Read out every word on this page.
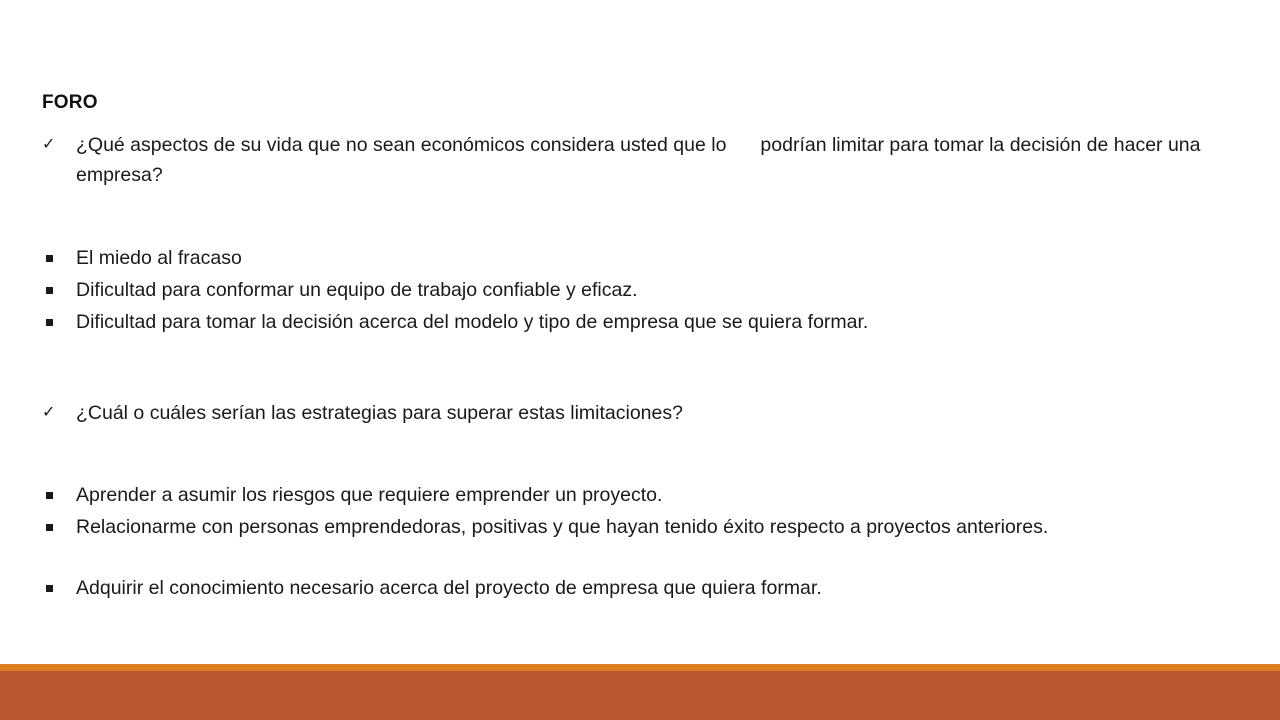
FORO
✓ ¿Qué aspectos de su vida que no sean económicos considera usted que lo podrían limitar para tomar la decisión de hacer una empresa?
El miedo al fracaso
Dificultad para conformar un equipo de trabajo confiable y eficaz.
Dificultad para tomar la decisión acerca del modelo y tipo de empresa que se quiera formar.
✓ ¿Cuál o cuáles serían las estrategias para superar estas limitaciones?
Aprender a asumir los riesgos que requiere emprender un proyecto.
Relacionarme con personas emprendedoras, positivas y que hayan tenido éxito respecto a proyectos anteriores.
Adquirir el conocimiento necesario acerca del proyecto de empresa que quiera formar.
